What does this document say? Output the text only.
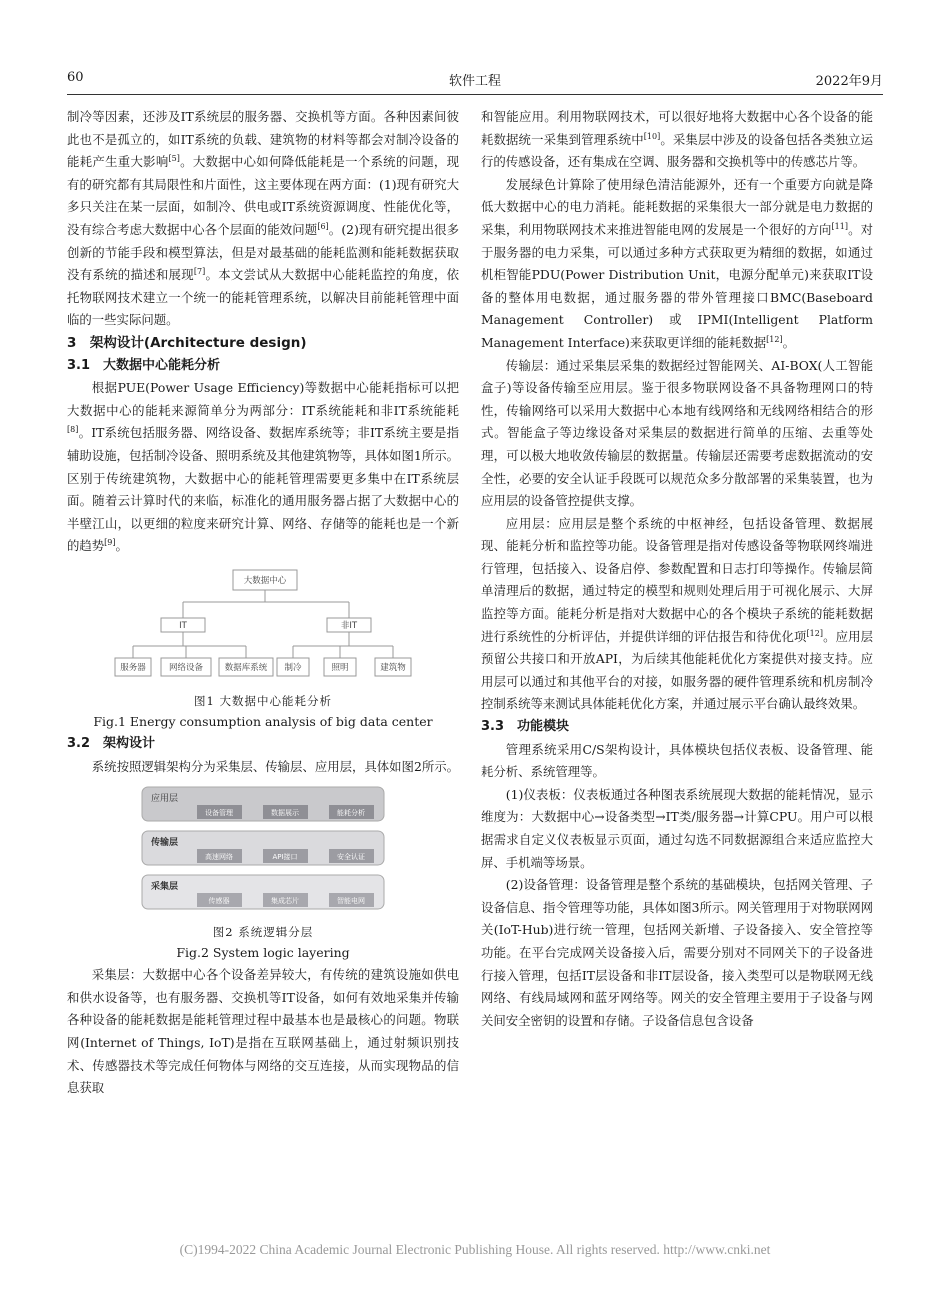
60	软件工程	2022年9月

制冷等因素，还涉及IT系统层的服务器、交换机等方面。各种因素间彼此也不是孤立的，如IT系统的负载、建筑物的材料等都会对制冷设备的能耗产生重大影响[5]。大数据中心如何降低能耗是一个系统的问题，现有的研究都有其局限性和片面性，这主要体现在两方面：(1)现有研究大多只关注在某一层面，如制冷、供电或IT系统资源调度、性能优化等，没有综合考虑大数据中心各个层面的能效问题[6]。(2)现有研究提出很多创新的节能手段和模型算法，但是对最基础的能耗监测和能耗数据获取没有系统的描述和展现[7]。本文尝试从大数据中心能耗监控的角度，依托物联网技术建立一个统一的能耗管理系统，以解决目前能耗管理中面临的一些实际问题。

3　架构设计(Architecture design)
3.1　大数据中心能耗分析

根据PUE(Power Usage Efficiency)等数据中心能耗指标可以把大数据中心的能耗来源简单分为两部分：IT系统能耗和非IT系统能耗[8]。IT系统包括服务器、网络设备、数据库系统等；非IT系统主要是指辅助设施，包括制冷设备、照明系统及其他建筑物等，具体如图1所示。区别于传统建筑物，大数据中心的能耗管理需要更多集中在IT系统层面。随着云计算时代的来临，标准化的通用服务器占据了大数据中心的半壁江山，以更细的粒度来研究计算、网络、存储等的能耗也是一个新的趋势[9]。

大数据中心
IT	非IT
服务器	网络设备	数据库系统 制冷	照明	建筑物
图1 大数据中心能耗分析
Fig.1 Energy consumption analysis of big data center
3.2　架构设计

系统按照逻辑架构分为采集层、传输层、应用层，具体如图2所示。

应用层
设备管理	数据展示	能耗分析
传输层
高速网络	API接口	安全认证
采集层
传感器	集成芯片	智能电网
图2 系统逻辑分层
Fig.2 System logic layering

采集层：大数据中心各个设备差异较大，有传统的建筑设施如供电和供水设备等，也有服务器、交换机等IT设备，如何有效地采集并传输各种设备的能耗数据是能耗管理过程中最基本也是最核心的问题。物联网(Internet of Things, IoT)是指在互联网基础上，通过射频识别技术、传感器技术等完成任何物体与网络的交互连接，从而实现物品的信息获取

和智能应用。利用物联网技术，可以很好地将大数据中心各个设备的能耗数据统一采集到管理系统中[10]。采集层中涉及的设备包括各类独立运行的传感设备，还有集成在空调、服务器和交换机等中的传感芯片等。

发展绿色计算除了使用绿色清洁能源外，还有一个重要方向就是降低大数据中心的电力消耗。能耗数据的采集很大一部分就是电力数据的采集，利用物联网技术来推进智能电网的发展是一个很好的方向[11]。对于服务器的电力采集，可以通过多种方式获取更为精细的数据，如通过机柜智能PDU(Power Distribution Unit，电源分配单元)来获取IT设备的整体用电数据，通过服务器的带外管理接口BMC(Baseboard Management Controller)或IPMI(Intelligent Platform Management Interface)来获取更详细的能耗数据[12]。

传输层：通过采集层采集的数据经过智能网关、AI-BOX(人工智能盒子)等设备传输至应用层。鉴于很多物联网设备不具备物理网口的特性，传输网络可以采用大数据中心本地有线网络和无线网络相结合的形式。智能盒子等边缘设备对采集层的数据进行简单的压缩、去重等处理，可以极大地收敛传输层的数据量。传输层还需要考虑数据流动的安全性，必要的安全认证手段既可以规范众多分散部署的采集装置，也为应用层的设备管控提供支撑。

应用层：应用层是整个系统的中枢神经，包括设备管理、数据展现、能耗分析和监控等功能。设备管理是指对传感设备等物联网终端进行管理，包括接入、设备启停、参数配置和日志打印等操作。传输层简单清理后的数据，通过特定的模型和规则处理后用于可视化展示、大屏监控等方面。能耗分析是指对大数据中心的各个模块子系统的能耗数据进行系统性的分析评估，并提供详细的评估报告和待优化项[12]。应用层预留公共接口和开放API，为后续其他能耗优化方案提供对接支持。应用层可以通过和其他平台的对接，如服务器的硬件管理系统和机房制冷控制系统等来测试具体能耗优化方案，并通过展示平台确认最终效果。

3.3　功能模块

管理系统采用C/S架构设计，具体模块包括仪表板、设备管理、能耗分析、系统管理等。

(1)仪表板：仪表板通过各种图表系统展现大数据的能耗情况，显示维度为：大数据中心→设备类型→IT类/服务器→计算CPU。用户可以根据需求自定义仪表板显示页面，通过勾选不同数据源组合来适应监控大屏、手机端等场景。

(2)设备管理：设备管理是整个系统的基础模块，包括网关管理、子设备信息、指令管理等功能，具体如图3所示。网关管理用于对物联网网关(IoT-Hub)进行统一管理，包括网关新增、子设备接入、安全管控等功能。在平台完成网关设备接入后，需要分别对不同网关下的子设备进行接入管理，包括IT层设备和非IT层设备，接入类型可以是物联网无线网络、有线局域网和蓝牙网络等。网关的安全管理主要用于子设备与网关间安全密钥的设置和存储。子设备信息包含设备

(C)1994-2022 China Academic Journal Electronic Publishing House. All rights reserved. http://www.cnki.net
